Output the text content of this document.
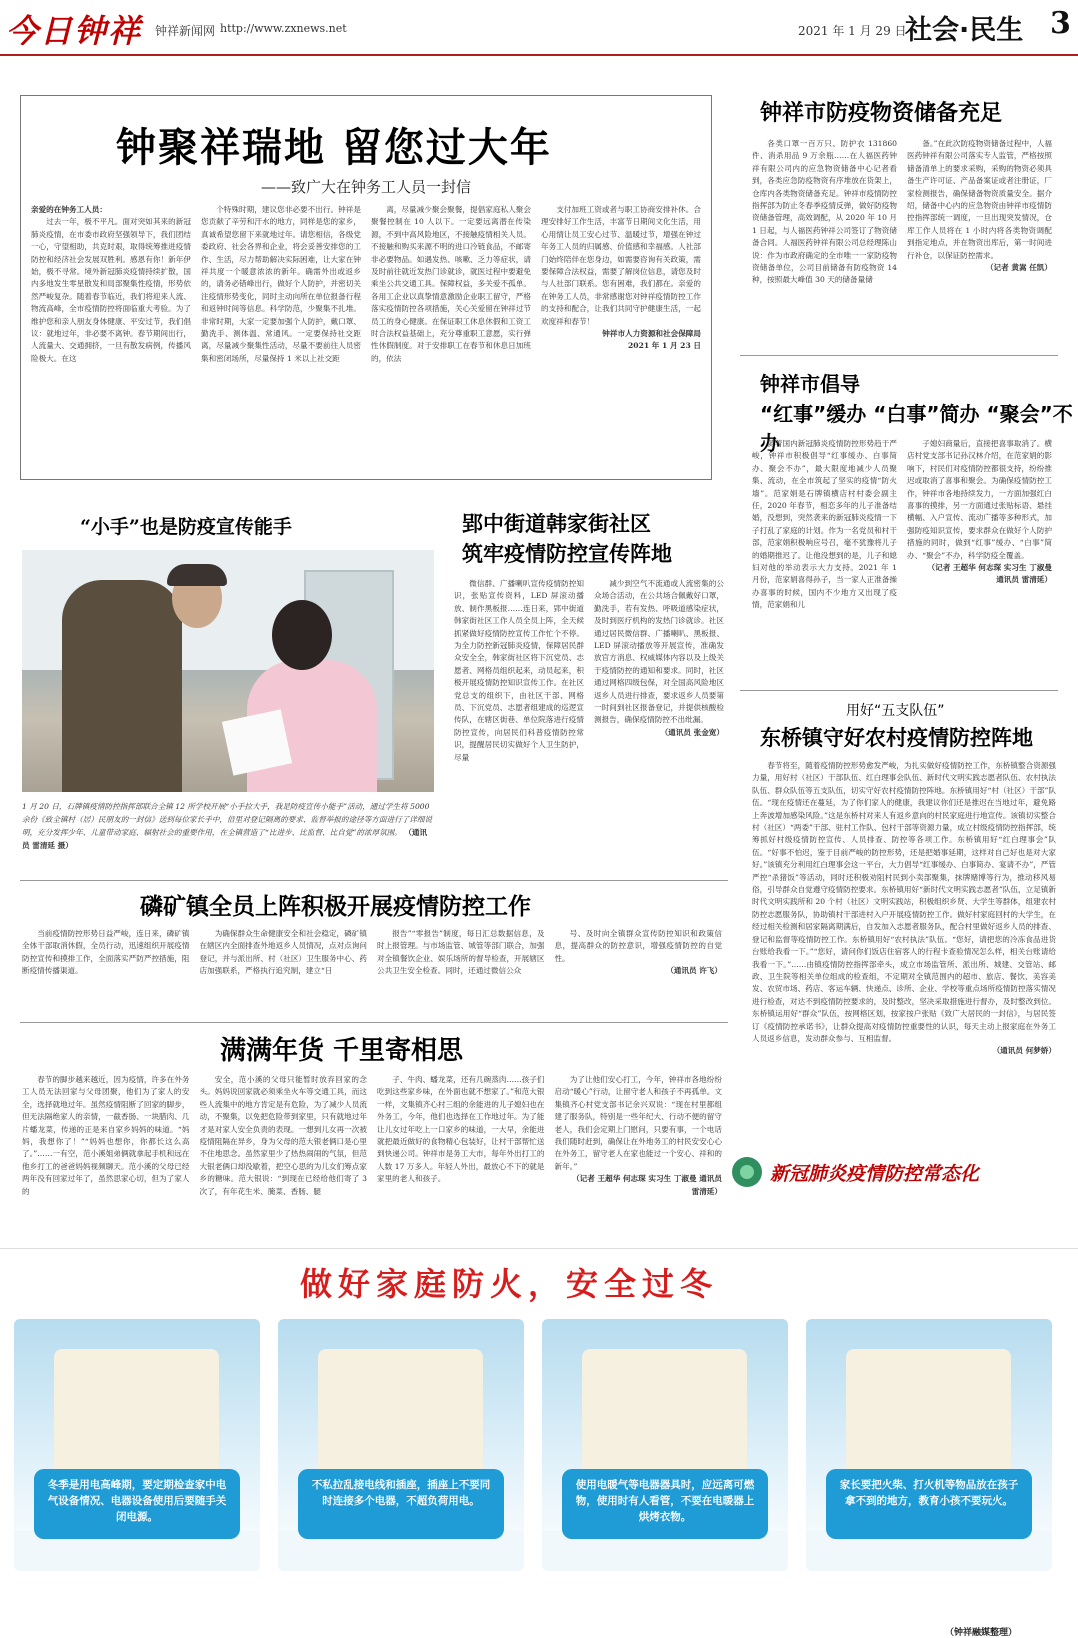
今日钟祥 钟祥新闻网 http://www.zxnews.net	2021 年 1 月 29 日
社会·民生 3
钟聚祥瑞地 留您过大年
——致广大在钟务工人员一封信

亲爱的在钟务工人员：

过去一年，极不平凡。面对突如其来的新冠肺炎疫情，在市委市政府坚强领导下，我们团结一心，守望相助，共克时艰，取得统筹推进疫情防控和经济社会发展双胜利。感恩有你！新年伊始，极不寻常。境外新冠肺炎疫情持续扩散，国内多地发生零星散发和局部聚集性疫情，形势依然严峻复杂。随着春节临近，我们将迎来人流、物流高峰，全市疫情防控将面临重大考验。为了维护您和亲人朋友身体健康、平安过节，我们倡议：就地过年，非必要不离钟。春节期间出行，人流量大、交通拥挤，一旦有散发病例，传播风险极大。在这

个特殊时期，建议您非必要不出行。钟祥是您贡献了辛劳和汗水的地方，同样是您的家乡，真诚希望您留下来就地过年。请您相信，各级党委政府、社会各界和企业，将会妥善安排您的工作、生活，尽力帮助解决实际困难，让大家在钟祥共度一个暖意浓浓的新年。确需外出或返乡的，请务必错峰出行，做好个人防护，并密切关注疫情形势变化，同时主动向所在单位报备行程和返钟时间等信息。科学防范，少聚集不扎堆。非常时期，大家一定要加强个人防护，戴口罩、勤洗手、测体温、常通风。一定要保持社交距离，尽量减少聚集性活动，尽量不要前往人员密集和密闭场所，尽量保持 1 米以上社交距

离，尽量减少聚会聚餐，提倡家庭私人聚会聚餐控制在 10 人以下。一定要远离潜在传染源，不到中高风险地区，不接触疫情相关人员。不接触和购买来源不明的进口冷链食品，不邮寄非必要物品。如遇发热、咳嗽、乏力等症状，请及时前往就近发热门诊就诊，就医过程中要避免乘坐公共交通工具。保障权益，多关爱不孤单。各用工企业以真挚情意激励企业职工留守，严格落实疫情防控各项措施，关心关爱留在钟祥过节员工的身心健康。在保证职工休息休假和工资工时合法权益基础上，充分尊重职工意愿，实行弹性休假制度。对于安排职工在春节和休息日加班的，依法

支付加班工资或者与职工协商安排补休。合理安排好工作生活，丰富节日期间文化生活，用心用情让员工安心过节、温暖过节，增强在钟过年务工人员的归属感、价值感和幸福感。人社部门始终陪伴在您身边，如需要咨询有关政策，需要保障合法权益，需要了解岗位信息，请您及时与人社部门联系。您有困难，我们都在。亲爱的在钟务工人员，非常感谢您对钟祥疫情防控工作的支持和配合，让我们共同守护健康生活，一起欢度祥和春节！

钟祥市人力资源和社会保障局

2021 年 1 月 23 日

钟祥市防疫物资储备充足

各类口罩一百万只、防护衣 131860 件、消杀用品 9 万余瓶……在人福医药钟祥有限公司内的应急物资储备中心记者看到，各类应急防疫物资有序堆放在货架上，仓库内各类物资储备充足。钟祥市疫情防控指挥部为防止冬春季疫情反弹，做好防疫物资储备管理，高效调配，从 2020 年 10 月 1 日起，与人福医药钟祥公司签订了物资储备合同。人福医药钟祥有限公司总经理陈山说：作为市政府确定的全市唯一一家防疫物资储备单位，公司目前储备有防疫物资 14 种，按照最大峰值 30 天的储备量储

备。”在此次防疫物资储备过程中，人福医药钟祥有限公司落实专人监管，严格按照储备清单上的要求采购，采购的物资必须具备生产许可证、产品备案证或者注册证，厂家检测报告，确保储备物资质量安全。据介绍，储备中心内的应急物资由钟祥市疫情防控指挥部统一调度，一旦出现突发情况，仓库工作人员将在 1 小时内将各类物资调配到指定地点，并在物资出库后，第一时间进行补仓，以保证防控需求。

（记者 黄嵩 任凯）

钟祥市倡导
“红事”缓办 “白事”简办 “聚会”不办

随着国内新冠肺炎疫情防控形势趋于严峻，钟祥市积极倡导“红事缓办、白事简办、聚会不办”，最大限度地减少人员聚集、流动，在全市筑起了坚实的疫情“防火墙”。范家娟是石牌镇横店村村委会副主任，2020 年春节，相恋多年的儿子准备结婚，没想到，突然袭来的新冠肺炎疫情一下子打乱了家庭的计划。作为一名党员和村干部，范家娟积极响应号召，毫不犹豫将儿子的婚期推迟了。让他没想到的是，儿子和媳妇对他的举动表示大力支持。2021 年 1 月份，范家娟喜得孙子，当一家人正准备操办喜事的时候，国内不少地方又出现了疫情，范家娟和儿

子媳妇商量后，直接把喜事取消了。横店村党支部书记孙汉林介绍，在范家娟的影响下，村民们对疫情防控都很支持，纷纷推迟或取消了喜事和聚会。为确保疫情防控工作，钟祥市各地持续发力，一方面加强红白喜事的摸排，另一方面通过张贴标语、悬挂横幅、入户宣传、流动广播等多种形式，加强防疫知识宣传，要求群众在做好个人防护措施的同时，做到“红事”缓办、“白事”简办、“聚会”不办，科学防疫全覆盖。

（记者 王超华 何志琛 实习生 丁淑曼 通讯员 雷清延）

“小手”也是防疫宣传能手
1 月 20 日，石牌镇疫情防控指挥部联合全镇 12 所学校开展“小手拉大手，我是防疫宣传小能手”活动，通过学生将 5000 余份《致全镇村（居）民朋友的一封信》送到每位家长手中，倍里对登记隔离的要求、监督举报的途径等方面进行了详细说明，充分发挥少年、儿童带动家庭、辐射社会的重要作用，在全镇营造了“比进步、比监督、比自觉”的浓厚氛围。 （通讯员 雷清延 摄）
郢中街道韩家街社区
筑牢疫情防控宣传阵地

微信群、广播喇叭宣传疫情防控知识，张贴宣传资料，LED 屏滚动播放、制作黑板报……连日来，郢中街道韩家街社区工作人员全员上阵，全天候抓紧做好疫情防控宣传工作忙个不停。为全力防控新冠肺炎疫情，保障居民群众安全全，韩家街社区将下沉党员、志愿者、网格员组织起来，动员起来，积极开展疫情防控知识宣传工作。在社区党总支的组织下，由社区干部、网格员、下沉党员、志愿者组建成的巡逻宣传队，在辖区街巷、单位院落进行疫情防控宣传，向居民们科普疫情防控常识，提醒居民切实做好个人卫生防护，尽量

减少到空气不流通或人流密集的公众场合活动，在公共场合佩戴好口罩，勤洗手，若有发热、呼吸道感染症状，及时到医疗机构的发热门诊就诊。社区通过居民微信群、广播喇叭、黑板报、LED 屏滚动播放等开展宣传，准确发放官方消息、权威媒体内容以及上级关于疫情防控的通知和要求。同时，社区通过网格四级包保，对全国高风险地区返乡人员进行排查，要求返乡人员要第一时间到社区报备登记，并提供核酸检测报告，确保疫情防控不出纰漏。

（通讯员 张金宽）

用好“五支队伍”
东桥镇守好农村疫情防控阵地

春节将至，随着疫情防控形势愈发严峻，为扎实做好疫情防控工作，东桥镇整合资源强力量，用好村（社区）干部队伍、红白理事会队伍、新时代文明实践志愿者队伍、农村执法队伍、群众队伍等五支队伍，切实守好农村疫情防控阵地。东桥镇用好“村（社区）干部”队伍。“现在疫情还在蔓延，为了你们家人的健康，我建议你们还是推迟在当地过年，避免路上奔波增加感染风险。”这是东桥村对来人有返乡意向的村民家庭进行地宣传。该镇切实整合村（社区）“两委”干部、驻村工作队、包村干部等资源力量，成立村级疫情防控指挥部，统筹抓好村级疫情防控宣传、人员排查、防控等各项工作。东桥镇用好“红白理事会”队伍。“好事不怕迟，鉴于目前严峻的防控形势，还是把婚事延期，这样对自己好也是对大家好。”该镇充分利用红白理事会这一平台，大力倡导“红事缓办、白事简办、宴请不办”，严管严控“杀猪饭”等活动，同时还积极劝阻村民到小卖部聚集，抹牌赌博等行为，推动移风易俗，引导群众自觉遵守疫情防控要求。东桥镇用好“新时代文明实践志愿者”队伍，立足镇新时代文明实践所和 20 个村（社区）文明实践站，积极组织乡贤、大学生等群体，组建农村防控志愿服务队，协助镇村干部进村入户开展疫情防控工作。做好村家庭回村的大学生，在经过相关检测和居家隔离期满后，自发加入志愿者服务队，配合村里做好返乡人员的排查、登记和监督等疫情防控工作。东桥镇用好“农村执法”队伍。“您好，请把您的冷冻食品进货台账给我看一下。”“您好，请问你们饭店住宿客人的行程卡查验情况怎么样，相关台账请给我看一下。”……由镇疫情防控指挥部牵头，成立市场监管所、派出所、城建、交管站、邮政、卫生院等相关单位组成的检查组，不定期对全镇范围内的超市、旅店、餐饮、美容美发、农贸市场、药店、客运车辆、快递点、诊所、企业、学校等重点场所疫情防控落实情况进行检查，对达不到疫情防控要求的，及时整改，坚决采取措施进行督办，及时整改到位。东桥镇运用好“群众”队伍，按网格区划，按家按户张贴《致广大居民的一封信》，与居民签订《疫情防控承诺书》，让群众提高对疫情防控重要性的认识，每天主动上报家庭在外务工人员返乡信息，发动群众参与、互相监督。

（通讯员 何梦娇）

新冠肺炎疫情防控常态化
磷矿镇全员上阵积极开展疫情防控工作

当前疫情防控形势日益严峻，连日来，磷矿镇全体干部取消休假，全员行动，迅速组织开展疫情防控宣传和摸排工作，全面落实严防严控措施，阻断疫情传播渠道。

为确保群众生命健康安全和社会稳定，磷矿镇在辖区内全面排查外地返乡人员情况，点对点询问登记，并与派出所、村（社区）卫生服务中心、药店加强联系，严格执行追究制，建立“日

报告”“零报告”制度，每日汇总数据信息，及时上报管理。与市场监管、城管等部门联合，加强对全镇餐饮企业、娱乐场所的督导检查，开展辖区公共卫生安全检查。同时，还通过微信公众

号、及时向全镇群众宣传防控知识和政策信息，提高群众的防控意识，增强疫情防控的自觉性。

（通讯员 许飞）

满满年货 千里寄相思

春节的脚步越来越近，因为疫情，许多在外务工人员无法回家与父母团聚，他们为了家人的安全，选择就地过年。虽然疫情阻断了回家的脚步，但无法隔绝家人的亲情，一截香肠、一块腊肉、几片蟠龙菜，传递的正是来自家乡妈妈的味道。“妈妈，我想你了！”“妈妈也想你，你都长这么高了。”……一有空，范小溪姐弟俩就拿起手机和远在他乡打工的爸爸妈妈视频聊天。范小溪的父母已经两年没有回家过年了，虽然思家心切，但为了家人的

安全，范小溪的父母只能暂时放弃回家的念头。妈妈说回家就必须乘坐火车等交通工具，而这些人流集中的地方肯定是有危险，为了减少人员流动，不聚集，以免把危险带到家里，只有就地过年才是对家人安全负责的表现。一想到儿女再一次被疫情阻隔在异乡，身为父母的范大银老俩口是心里不住地思念。虽然家里少了热热闹闹的气氛，但范大银老俩口却没歇着，把空心思的为儿女们筹点家乡的糖味。范大银说：“到现在已经给他们寄了 3 次了，有年花生米、腌菜、香肠、腿

子、牛肉、蟠龙菜，还有几碗蒸肉……孩子们吃到这些家乡味，在外面也就不想家了。”和范大银一样，文集镇齐心村三组的余能进的儿子媳妇也在外务工，今年，他们也选择在工作地过年。为了能让儿女过年吃上一口家乡的味道，一大早，余能进就把最近做好的食物精心包装好，让村干部帮忙送到快递公司。钟祥市是务工大市，每年外出打工的人数 17 万多人。年轻人外出，最放心不下的就是家里的老人和孩子。

为了让他们安心打工，今年，钟祥市各地纷纷启动“暖心”行动，让留守老人和孩子不再孤单。文集镇齐心村党支部书记余兴双说：“现在村里都组建了服务队，特别是一些年纪大、行动不便的留守老人，我们会定期上门慰问，只要有事，一个电话我们随时赶到，确保让在外地务工的村民安安心心在外务工，留守老人在家也能过一个安心、祥和的新年。”

（记者 王超华 何志琛 实习生 丁淑曼 通讯员 雷清延）

做好家庭防火，安全过冬
冬季是用电高峰期，要定期检查家中电气设备情况、电器设备使用后要随手关闭电源。
不私拉乱接电线和插座，插座上不要同时连接多个电器，不超负荷用电。
使用电暖气等电器器具时，应远离可燃物，使用时有人看管，不要在电暖器上烘烤衣物。
家长要把火柴、打火机等物品放在孩子拿不到的地方，教育小孩不要玩火。
（钟祥融媒整理）
